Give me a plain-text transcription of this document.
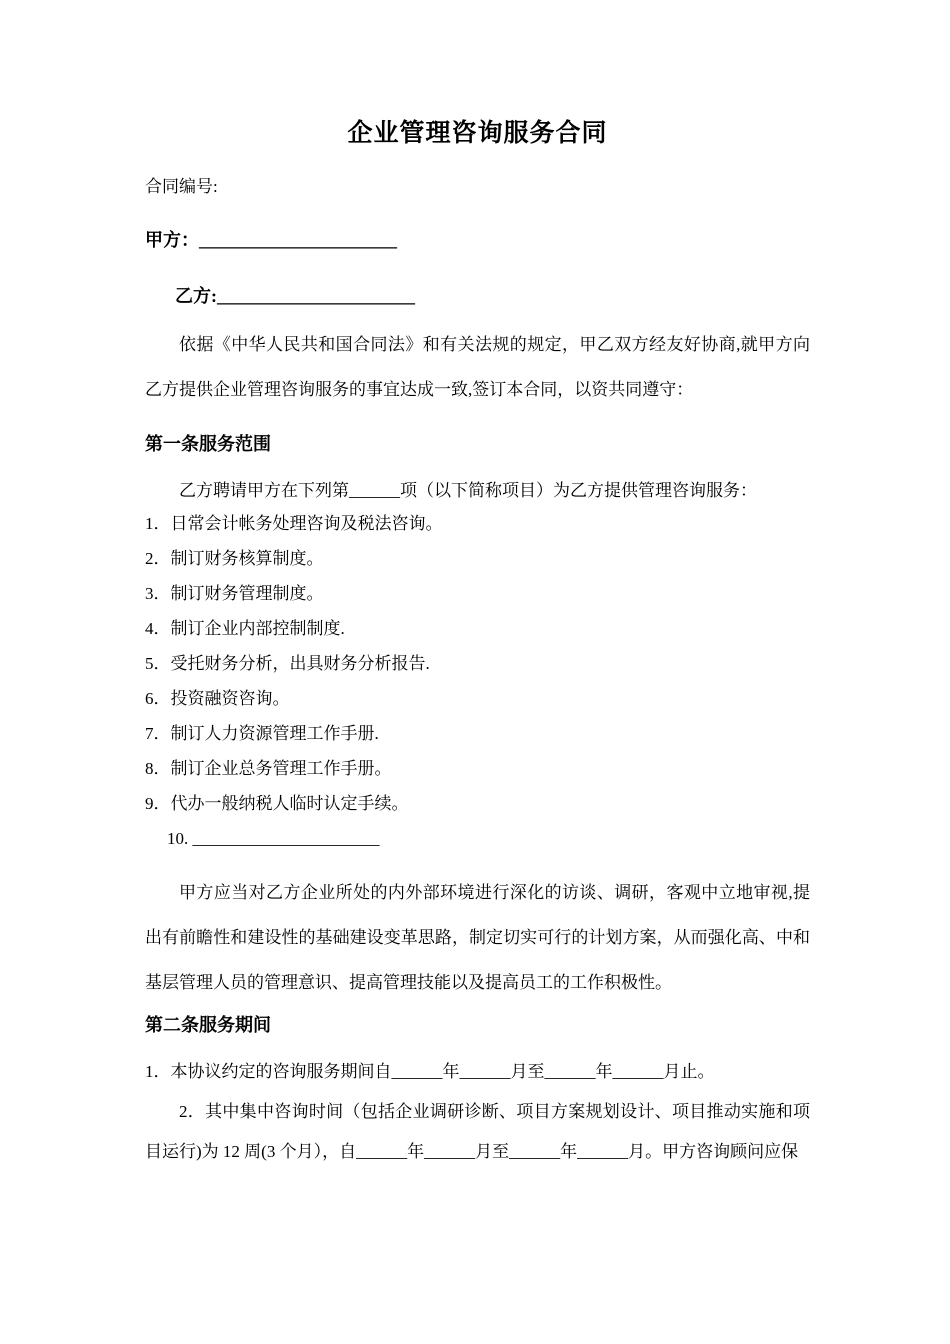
企业管理咨询服务合同

合同编号:

甲方：______________________

乙方:______________________

依据《中华人民共和国合同法》和有关法规的规定，甲乙双方经友好协商,就甲方向乙方提供企业管理咨询服务的事宜达成一致,签订本合同，以资共同遵守：

第一条服务范围

乙方聘请甲方在下列第______项（以下简称项目）为乙方提供管理咨询服务：

1．日常会计帐务处理咨询及税法咨询。

2．制订财务核算制度。

3．制订财务管理制度。

4．制订企业内部控制制度.

5．受托财务分析，出具财务分析报告.

6．投资融资咨询。

7．制订人力资源管理工作手册.

8．制订企业总务管理工作手册。

9．代办一般纳税人临时认定手续。

10. ______________________

甲方应当对乙方企业所处的内外部环境进行深化的访谈、调研，客观中立地审视,提出有前瞻性和建设性的基础建设变革思路，制定切实可行的计划方案，从而强化高、中和基层管理人员的管理意识、提高管理技能以及提高员工的工作积极性。

第二条服务期间

1．本协议约定的咨询服务期间自______年______月至______年______月止。

2．其中集中咨询时间（包括企业调研诊断、项目方案规划设计、项目推动实施和项目运行)为 12 周(3 个月），自______年______月至______年______月。甲方咨询顾问应保
